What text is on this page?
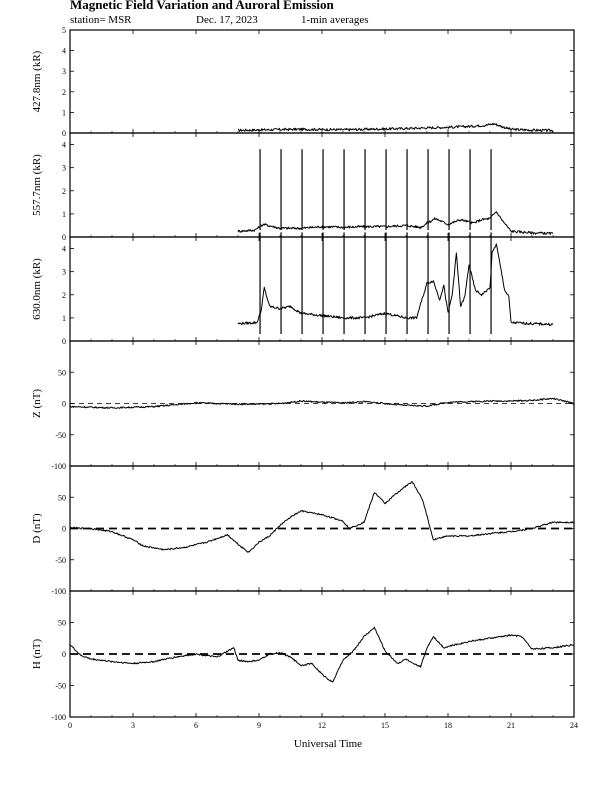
Magnetic Field Variation and Auroral Emission
station= MSR	Dec. 17, 2023	1-min averages
0
1
2
3
4
5
427.8nm (kR)
0
1
2
3
4
557.7nm (kR)
0
1
2
3
4
630.0nm (kR)
-100
-50
0
50
Z (nT)
-100
-50
0
50
D (nT)
-100
-50
0
50
H (nT)
0	3	6	9	12	15	18	21	24
Universal Time
